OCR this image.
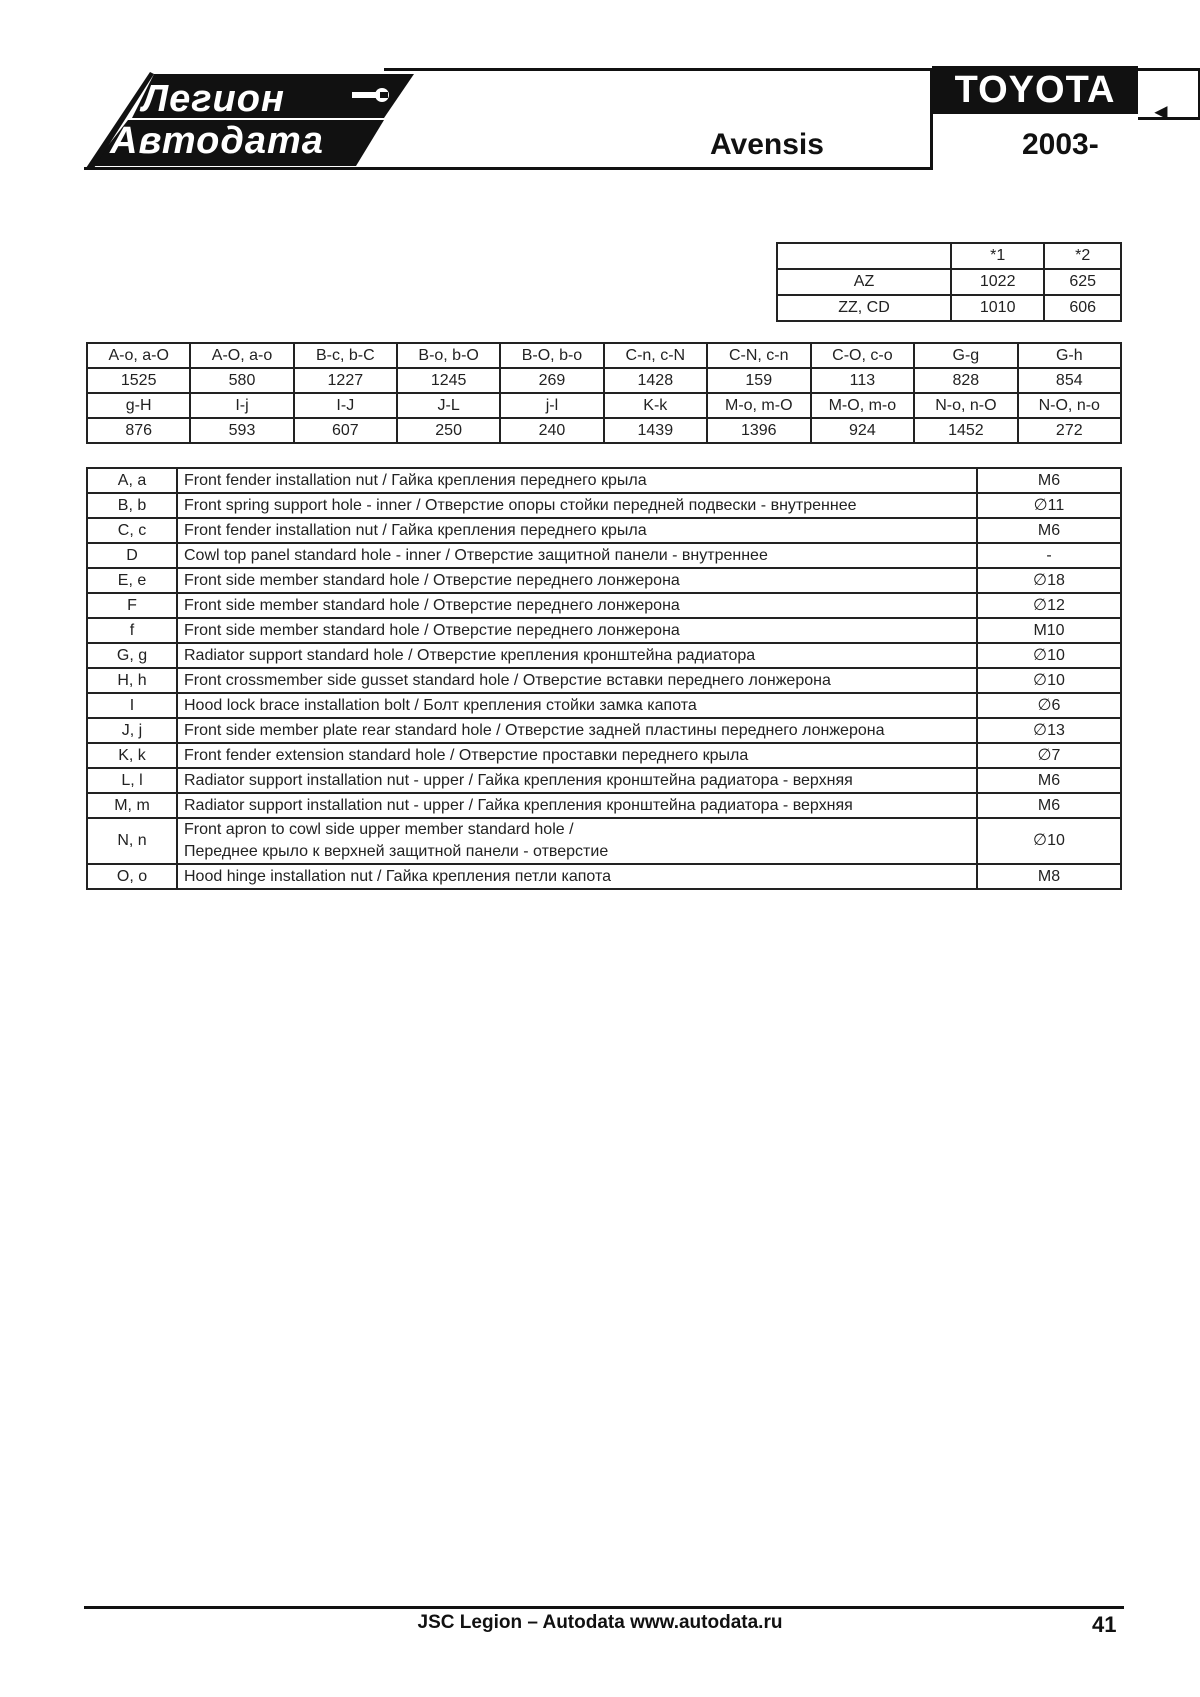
Легион
Автодата	Avensis
TOYOTA
◄
2003-
	*1	*2
AZ	1022	625
ZZ, CD	1010	606
A-o, a-O	A-O, a-o	B-c, b-C	B-o, b-O	B-O, b-o	C-n, c-N	C-N, c-n	C-O, c-o	G-g	G-h
1525	580	1227	1245	269	1428	159	113	828	854
g-H	I-j	I-J	J-L	j-l	K-k	M-o, m-O	M-O, m-o	N-o, n-O	N-O, n-o
876	593	607	250	240	1439	1396	924	1452	272
A, a	Front fender installation nut / Гайка крепления переднего крыла	M6
B, b	Front spring support hole - inner / Отверстие опоры стойки передней подвески - внутреннее	∅11
C, c	Front fender installation nut / Гайка крепления переднего крыла	M6
D	Cowl top panel standard hole - inner / Отверстие защитной панели - внутреннее	-
E, e	Front side member standard hole / Отверстие переднего лонжерона	∅18
F	Front side member standard hole / Отверстие переднего лонжерона	∅12
f	Front side member standard hole / Отверстие переднего лонжерона	M10
G, g	Radiator support standard hole / Отверстие крепления кронштейна радиатора	∅10
H, h	Front crossmember side gusset standard hole / Отверстие вставки переднего лонжерона	∅10
I	Hood lock brace installation bolt / Болт крепления стойки замка капота	∅6
J, j	Front side member plate rear standard hole / Отверстие задней пластины переднего лонжерона	∅13
K, k	Front fender extension standard hole / Отверстие проставки переднего крыла	∅7
L, l	Radiator support installation nut - upper / Гайка крепления кронштейна радиатора - верхняя	M6
M, m	Radiator support installation nut - upper / Гайка крепления кронштейна радиатора - верхняя	M6
N, n	Front apron to cowl side upper member standard hole /
Переднее крыло к верхней защитной панели - отверстие	∅10
O, o	Hood hinge installation nut / Гайка крепления петли капота	M8
JSC Legion – Autodata www.autodata.ru	41
